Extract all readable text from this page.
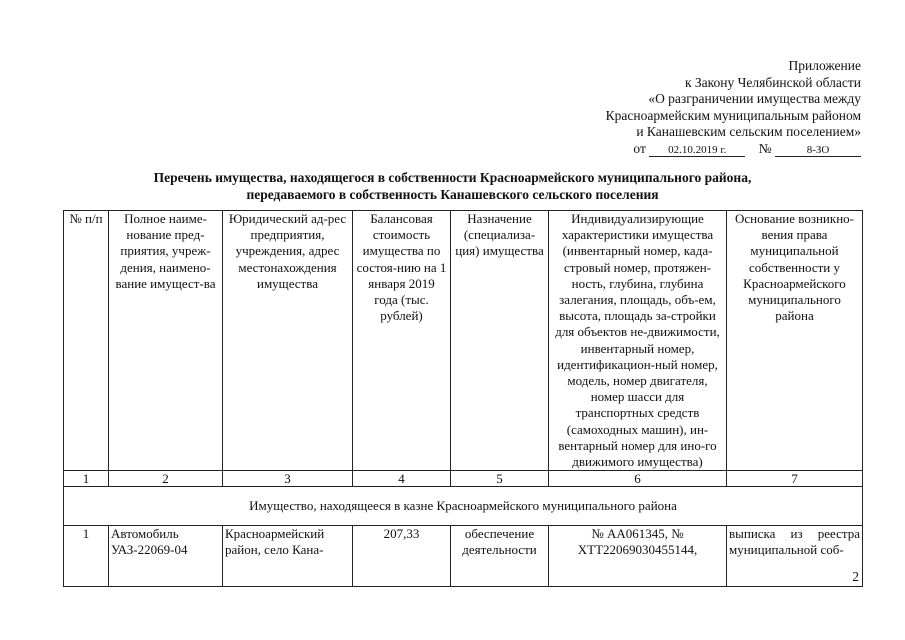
Приложение
к Закону Челябинской области
«О разграничении имущества между
Красноармейским муниципальным районом
и Канашевским сельским поселением»
от 02.10.2019 г. №	8-ЗО
Перечень имущества, находящегося в собственности Красноармейского муниципального района,
передаваемого в собственность Канашевского сельского поселения
№ п/п	Полное наиме-нование пред-приятия, учреж-дения, наимено-вание имущест-ва	Юридический ад-рес предприятия, учреждения, адрес местонахождения имущества	Балансовая стоимость имущества по состоя-нию на 1 января 2019 года (тыс. рублей)	Назначение (специализа-ция) имущества	Индивидуализирующие характеристики имущества (инвентарный номер, када-стровый номер, протяжен-ность, глубина, глубина залегания, площадь, объ-ем, высота, площадь за-стройки для объектов не-движимости, инвентарный номер, идентификацион-ный номер, модель, номер двигателя, номер шасси для транспортных средств (самоходных машин), ин-вентарный номер для ино-го движимого имущества)	Основание возникно-вения права муниципальной собственности у Красноармейского муниципального района
1	2	3	4	5	6	7
Имущество, находящееся в казне Красноармейского муниципального района						
1	Автомобиль УАЗ-22069-04	Красноармейский район, село Кана-	207,33	обеспечение деятельности	№ АА061345, № ХТТ22069030455144,	выписка из реестра муниципальной соб-
2
